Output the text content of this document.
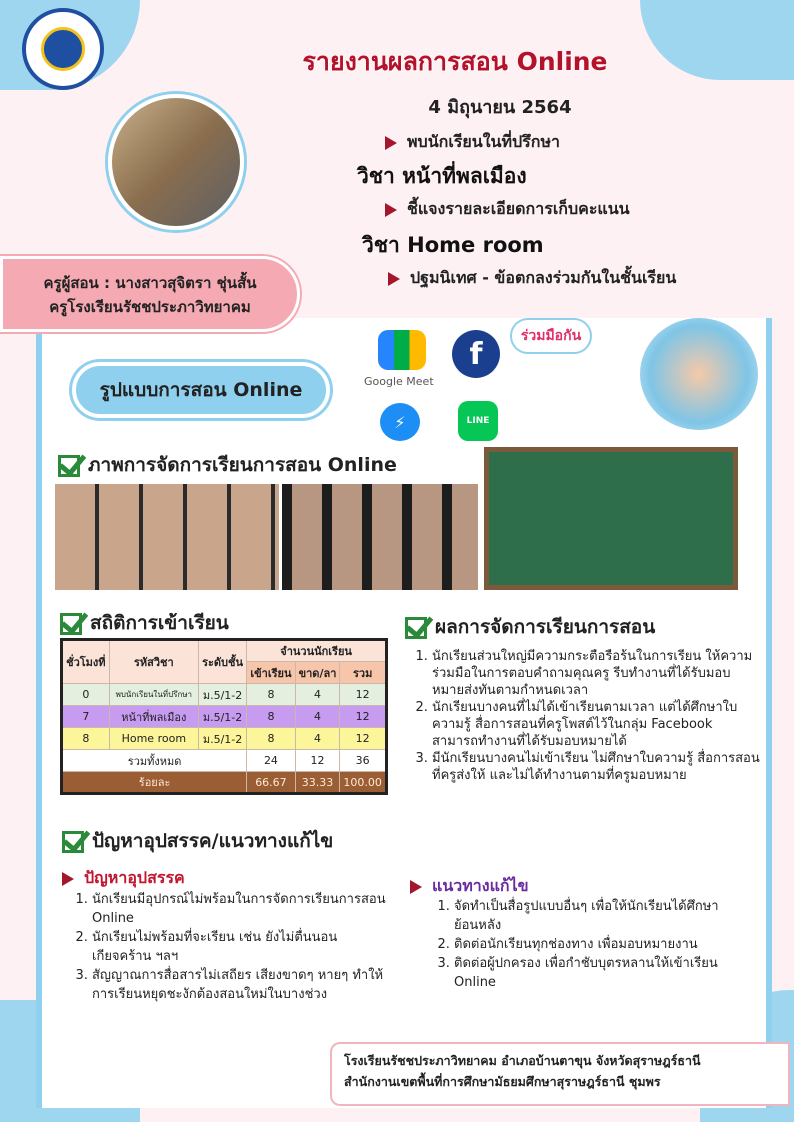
รายงานผลการสอน Online
4 มิถุนายน 2564
พบนักเรียนในที่ปรึกษา
วิชา หน้าที่พลเมือง
ชี้แจงรายละเอียดการเก็บคะแนน
วิชา Home room
ปฐมนิเทศ - ข้อตกลงร่วมกันในชั้นเรียน
ครูผู้สอน : นางสาวสุจิตรา ชุ่นสั้น
ครูโรงเรียนรัชชประภาวิทยาคม
รูปแบบการสอน Online	Google Meet
f
⚡	LINE
ร่วมมือกัน
ภาพการจัดการเรียนการสอน Online
สถิติการเข้าเรียน
ชั่วโมงที่	รหัสวิชา	ระดับชั้น	จำนวนนักเรียน		
			เข้าเรียน	ขาด/ลา	รวม
0	พบนักเรียนในที่ปรึกษา	ม.5/1-2	8	4	12
7	หน้าที่พลเมือง	ม.5/1-2	8	4	12
8	Home room	ม.5/1-2	8	4	12
รวมทั้งหมด			24	12	36
ร้อยละ			66.67	33.33	100.00
ผลการจัดการเรียนการสอน
1. นักเรียนส่วนใหญ่มีความกระตือรือร้นในการเรียน ให้ความร่วมมือในการตอบคำถามคุณครู รีบทำงานที่ได้รับมอบหมายส่งทันตามกำหนดเวลา
2. นักเรียนบางคนที่ไม่ได้เข้าเรียนตามเวลา แต่ได้ศึกษาใบความรู้ สื่อการสอนที่ครูโพสต์ไว้ในกลุ่ม Facebook สามารถทำงานที่ได้รับมอบหมายได้
3. มีนักเรียนบางคนไม่เข้าเรียน ไม่ศึกษาใบความรู้ สื่อการสอนที่ครูส่งให้ และไม่ได้ทำงานตามที่ครูมอบหมาย
ปัญหาอุปสรรค/แนวทางแก้ไข
ปัญหาอุปสรรค
1. นักเรียนมีอุปกรณ์ไม่พร้อมในการจัดการเรียนการสอน Online
2. นักเรียนไม่พร้อมที่จะเรียน เช่น ยังไม่ตื่นนอน เกียจคร้าน ฯลฯ
3. สัญญาณการสื่อสารไม่เสถียร เสียงขาดๆ หายๆ ทำให้การเรียนหยุดชะงักต้องสอนใหม่ในบางช่วง
แนวทางแก้ไข
1. จัดทำเป็นสื่อรูปแบบอื่นๆ เพื่อให้นักเรียนได้ศึกษาย้อนหลัง
2. ติดต่อนักเรียนทุกช่องทาง เพื่อมอบหมายงาน
3. ติดต่อผู้ปกครอง เพื่อกำชับบุตรหลานให้เข้าเรียน Online
โรงเรียนรัชชประภาวิทยาคม อำเภอบ้านตาขุน จังหวัดสุราษฎร์ธานี
สำนักงานเขตพื้นที่การศึกษามัธยมศึกษาสุราษฎร์ธานี ชุมพร
